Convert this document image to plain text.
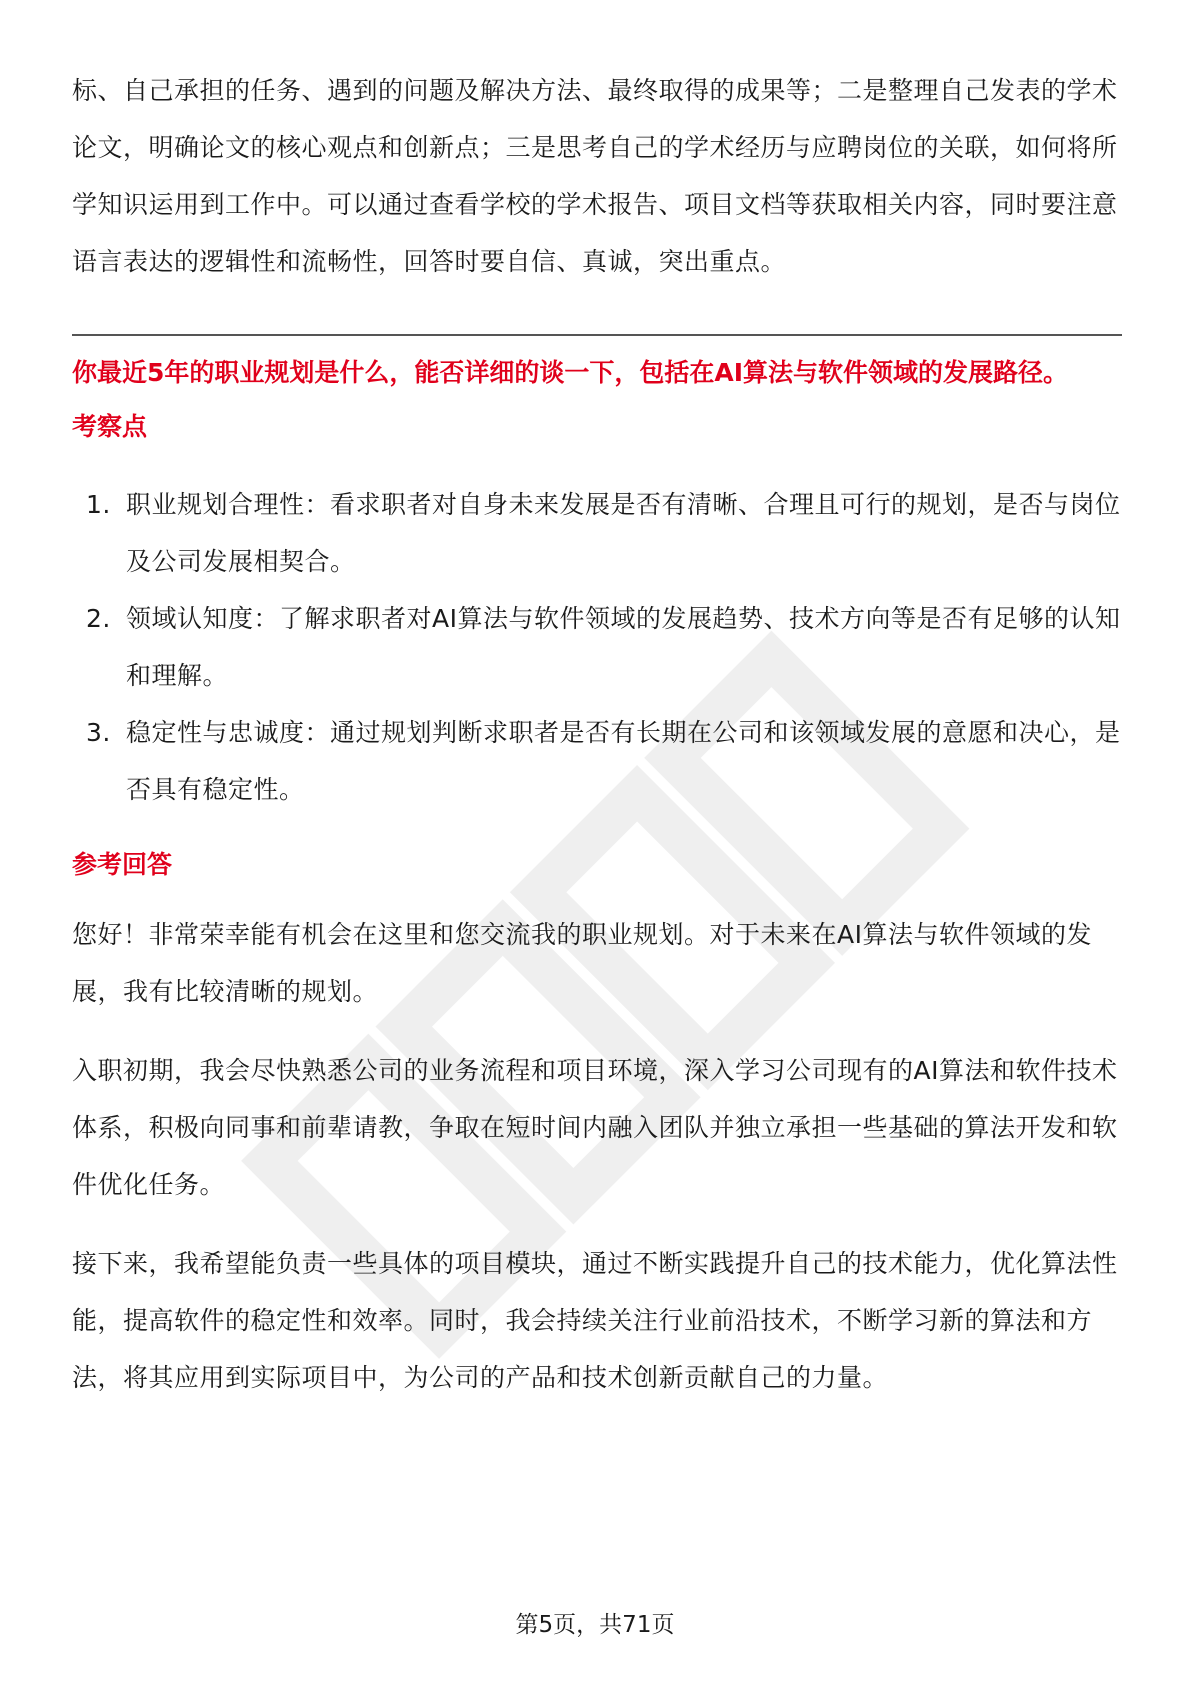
标、自己承担的任务、遇到的问题及解决方法、最终取得的成果等；二是整理自己发表的学术论文，明确论文的核心观点和创新点；三是思考自己的学术经历与应聘岗位的关联，如何将所学知识运用到工作中。可以通过查看学校的学术报告、项目文档等获取相关内容，同时要注意语言表达的逻辑性和流畅性，回答时要自信、真诚，突出重点。

你最近5年的职业规划是什么，能否详细的谈一下，包括在AI算法与软件领域的发展路径。

考察点
1. 职业规划合理性：看求职者对自身未来发展是否有清晰、合理且可行的规划，是否与岗位及公司发展相契合。
2. 领域认知度：了解求职者对AI算法与软件领域的发展趋势、技术方向等是否有足够的认知和理解。
3. 稳定性与忠诚度：通过规划判断求职者是否有长期在公司和该领域发展的意愿和决心，是否具有稳定性。
参考回答

您好！非常荣幸能有机会在这里和您交流我的职业规划。对于未来在AI算法与软件领域的发展，我有比较清晰的规划。

入职初期，我会尽快熟悉公司的业务流程和项目环境，深入学习公司现有的AI算法和软件技术体系，积极向同事和前辈请教，争取在短时间内融入团队并独立承担一些基础的算法开发和软件优化任务。

接下来，我希望能负责一些具体的项目模块，通过不断实践提升自己的技术能力，优化算法性能，提高软件的稳定性和效率。同时，我会持续关注行业前沿技术，不断学习新的算法和方法，将其应用到实际项目中，为公司的产品和技术创新贡献自己的力量。

第5页，共71页
